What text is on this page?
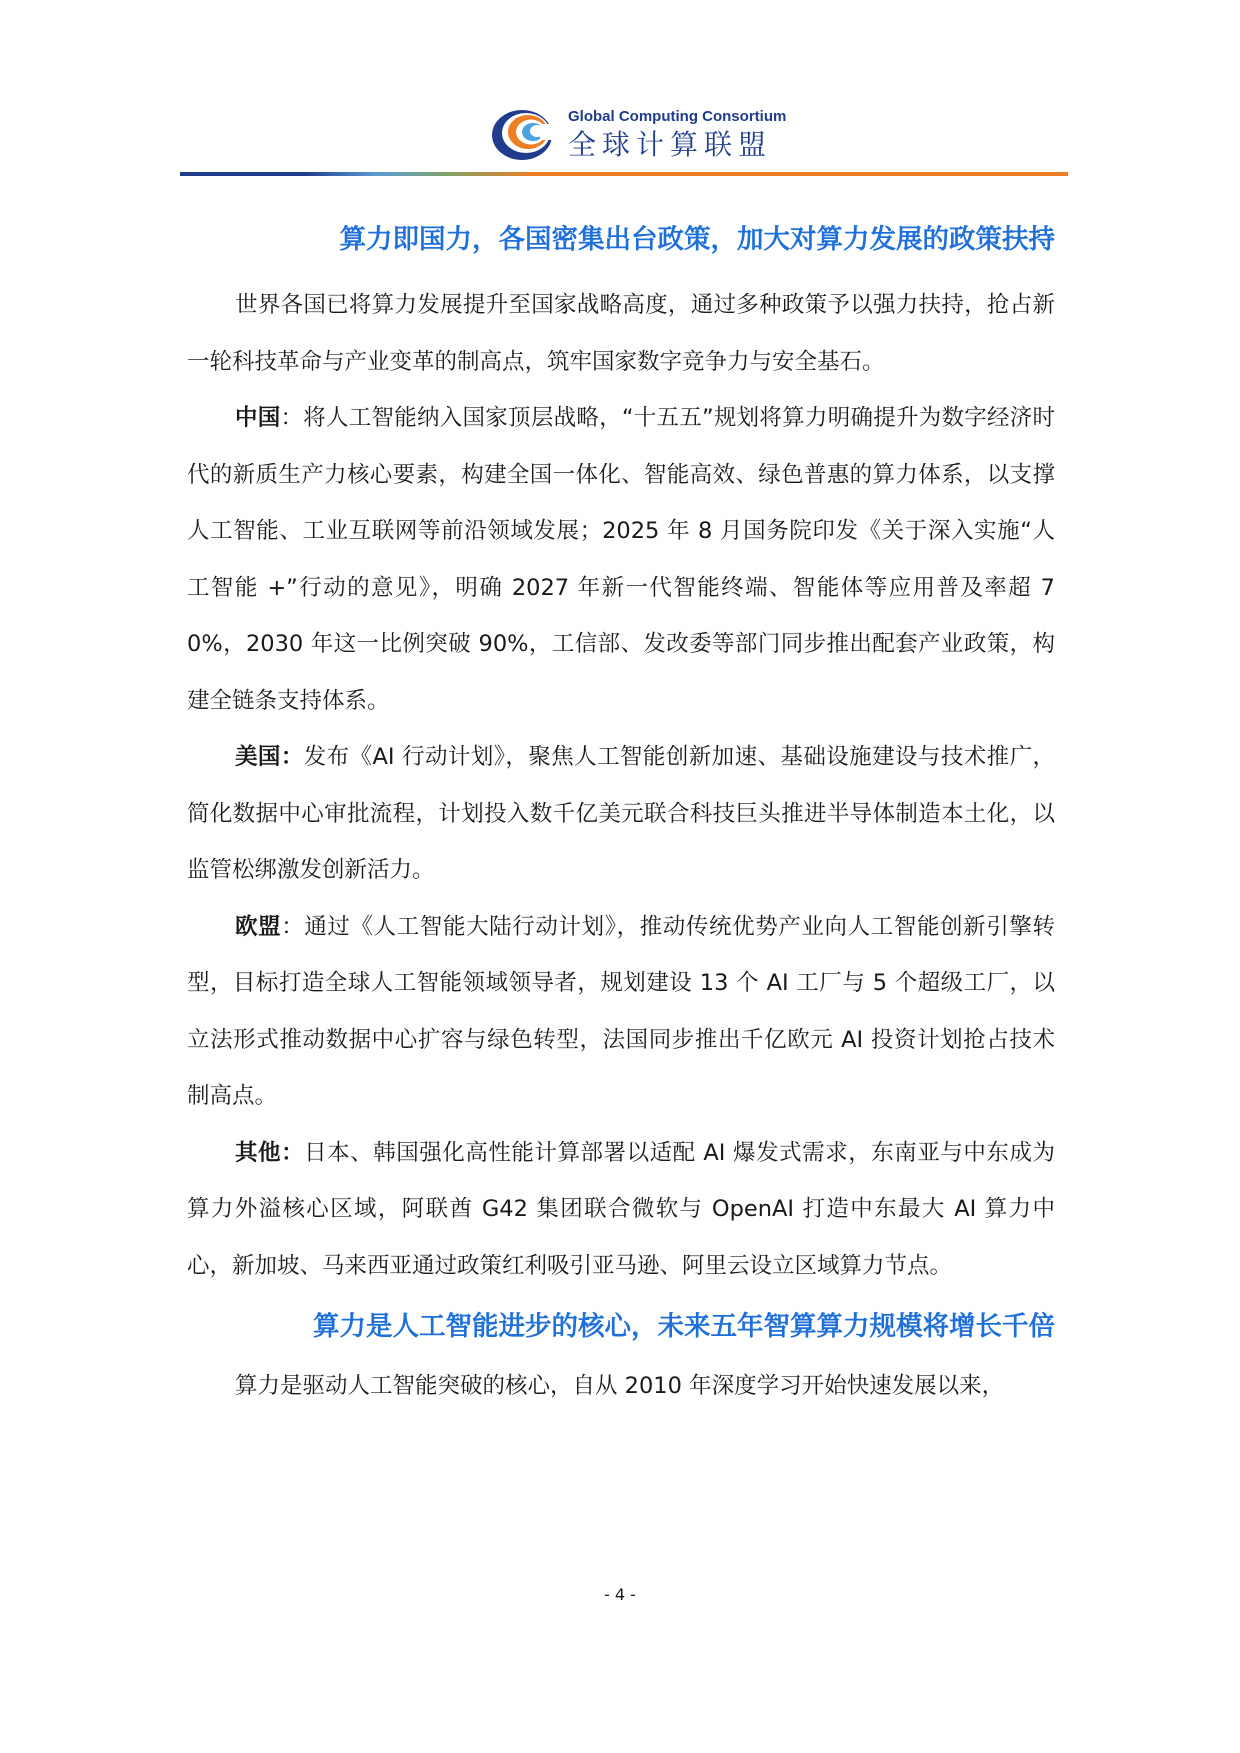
Global Computing Consortium
全球计算联盟
算力即国力，各国密集出台政策，加大对算力发展的政策扶持

世界各国已将算力发展提升至国家战略高度，通过多种政策予以强力扶持，抢占新一轮科技革命与产业变革的制高点，筑牢国家数字竞争力与安全基石。

中国：将人工智能纳入国家顶层战略，“十五五”规划将算力明确提升为数字经济时代的新质生产力核心要素，构建全国一体化、智能高效、绿色普惠的算力体系，以支撑人工智能、工业互联网等前沿领域发展；2025 年 8 月国务院印发《关于深入实施“人工智能 +”行动的意见》，明确 2027 年新一代智能终端、智能体等应用普及率超 70%，2030 年这一比例突破 90%，工信部、发改委等部门同步推出配套产业政策，构建全链条支持体系。

美国：发布《AI 行动计划》，聚焦人工智能创新加速、基础设施建设与技术推广，简化数据中心审批流程，计划投入数千亿美元联合科技巨头推进半导体制造本土化，以监管松绑激发创新活力。

欧盟：通过《人工智能大陆行动计划》，推动传统优势产业向人工智能创新引擎转型，目标打造全球人工智能领域领导者，规划建设 13 个 AI 工厂与 5 个超级工厂，以立法形式推动数据中心扩容与绿色转型，法国同步推出千亿欧元 AI 投资计划抢占技术制高点。

其他：日本、韩国强化高性能计算部署以适配 AI 爆发式需求，东南亚与中东成为算力外溢核心区域，阿联酋 G42 集团联合微软与 OpenAI 打造中东最大 AI 算力中心，新加坡、马来西亚通过政策红利吸引亚马逊、阿里云设立区域算力节点。

算力是人工智能进步的核心，未来五年智算算力规模将增长千倍

算力是驱动人工智能突破的核心，自从 2010 年深度学习开始快速发展以来，

- 4 -
